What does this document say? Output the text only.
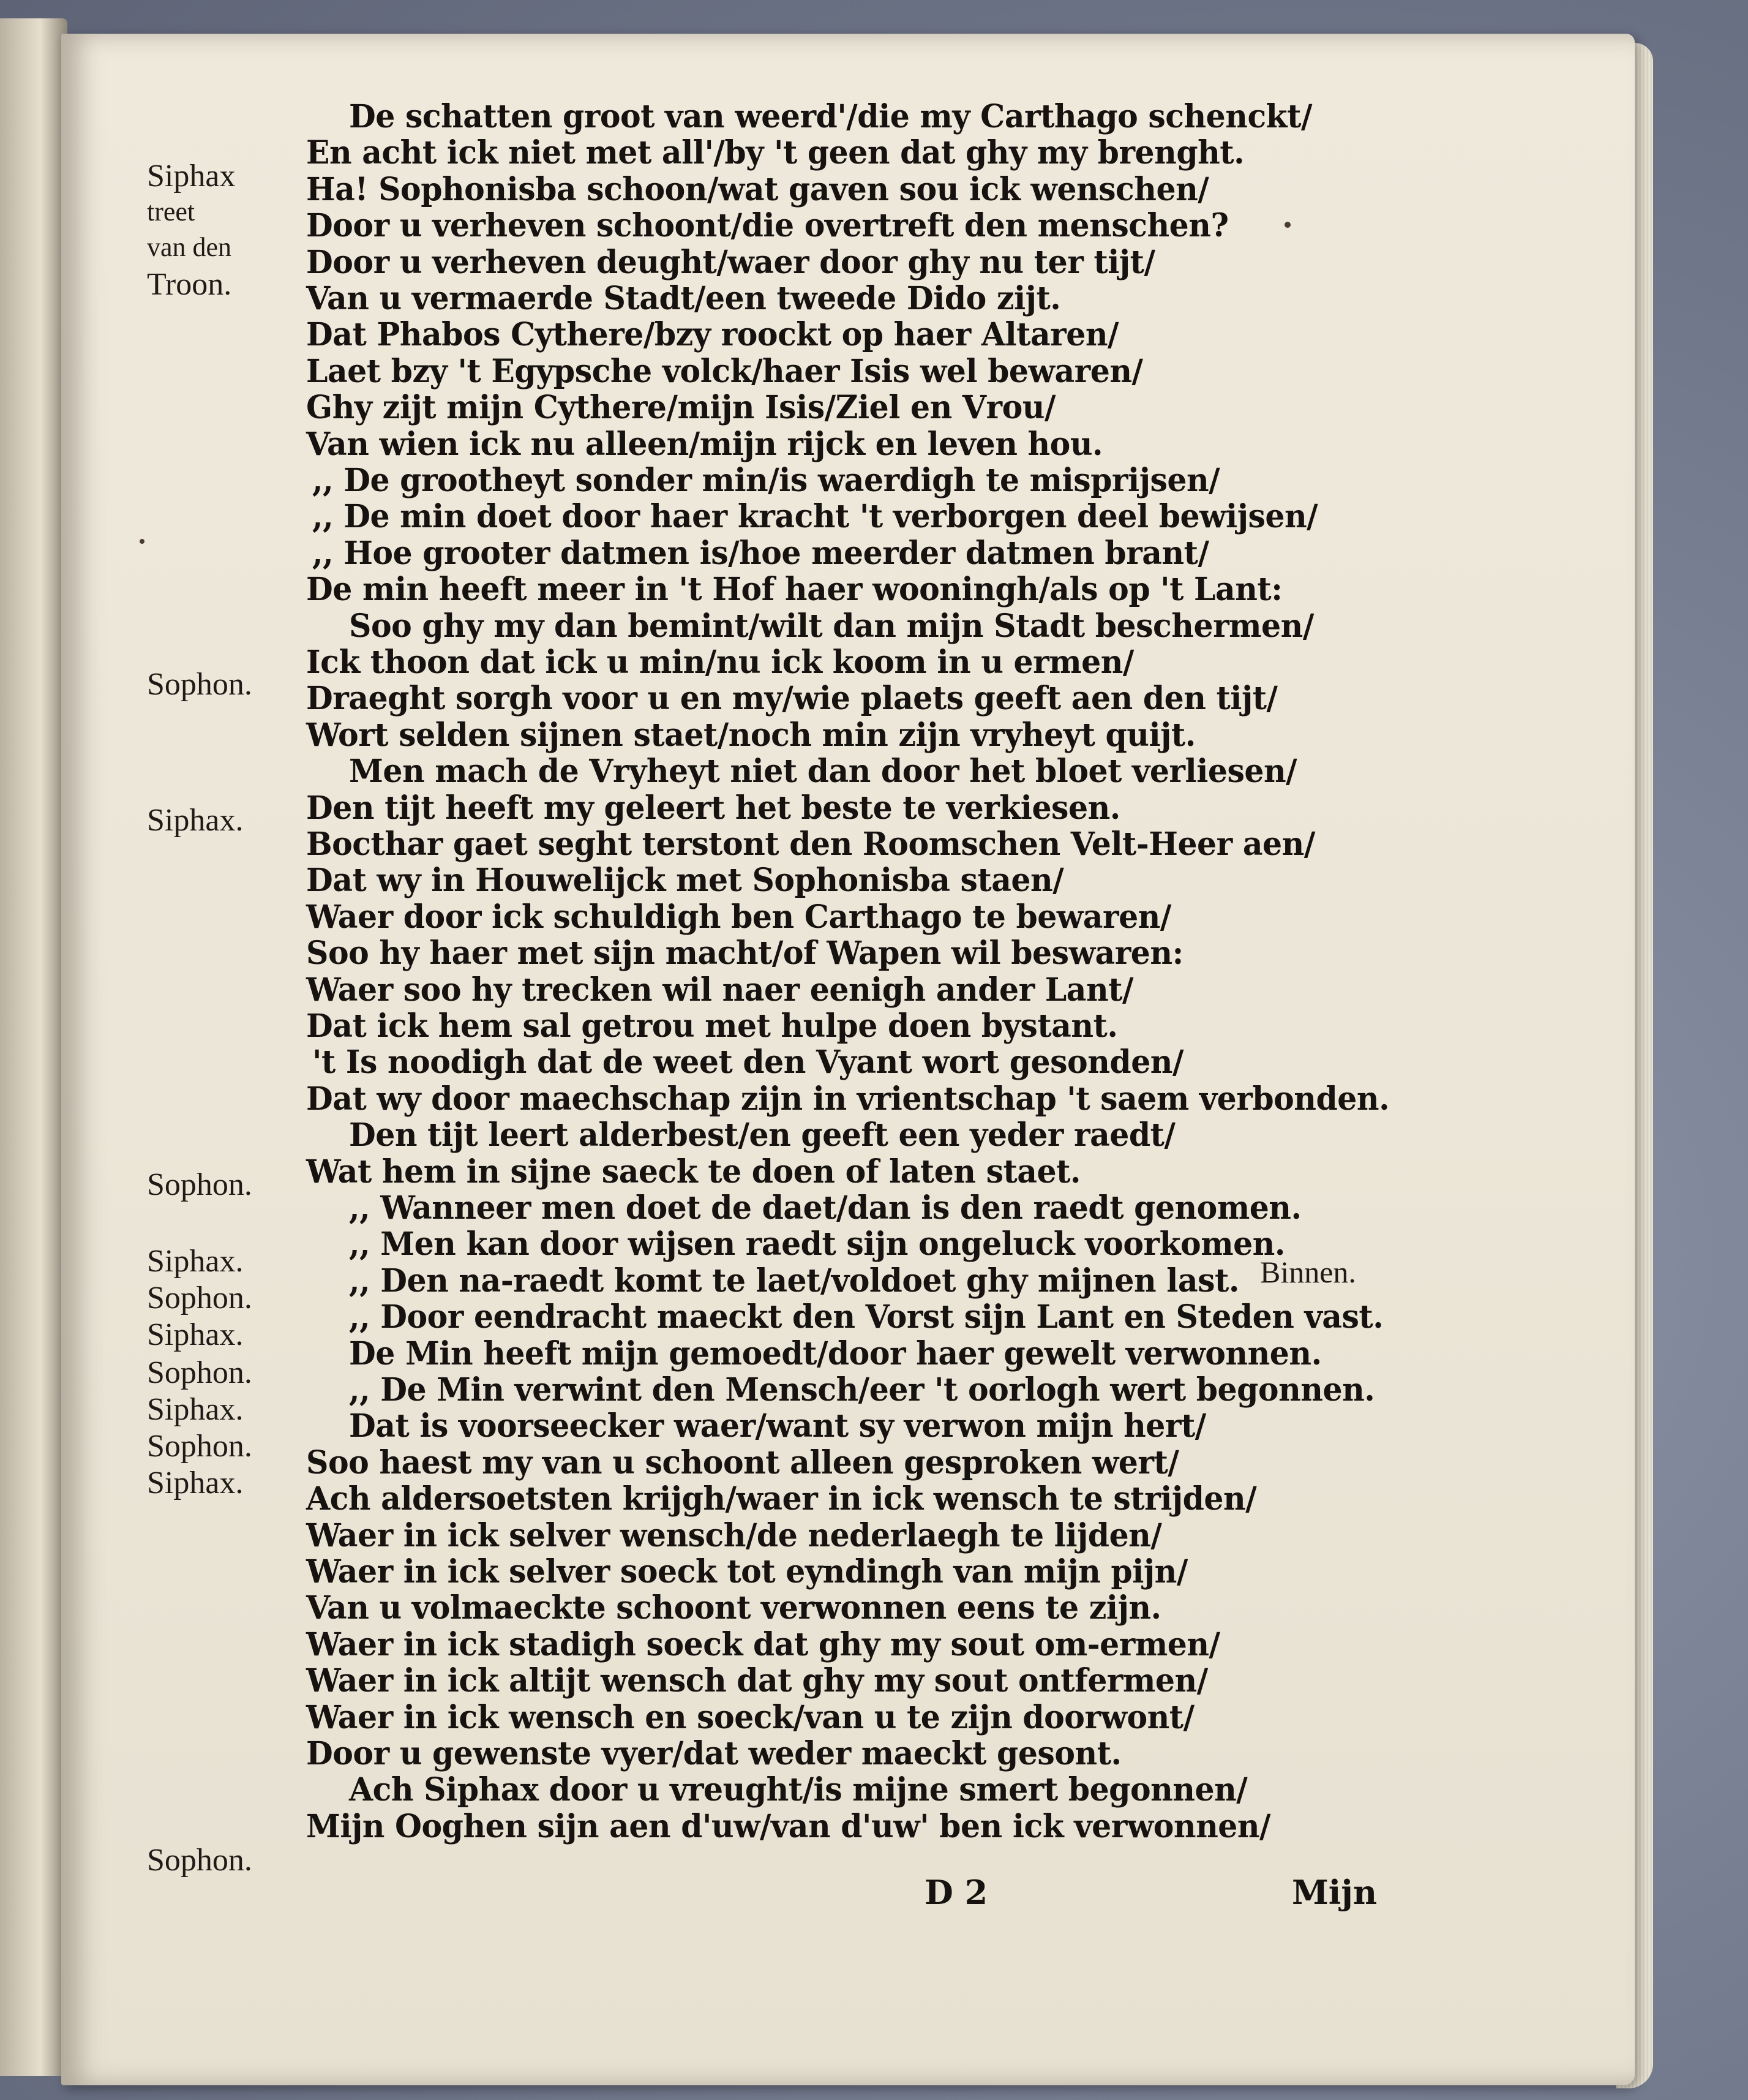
Siphax
treet
van den
Troon.
Sophon.
Siphax.
Sophon.
Siphax.
Sophon.
Siphax.
Sophon.
Siphax.
Sophon.
Siphax.
Sophon.
De schatten groot van weerd'/die my Carthago schenckt/
En acht ick niet met all'/by 't geen dat ghy my brenght.
Ha! Sophonisba schoon/wat gaven sou ick wenschen/
Door u verheven schoont/die overtreft den menschen?
Door u verheven deught/waer door ghy nu ter tijt/
Van u vermaerde Stadt/een tweede Dido zijt.
Dat Phabos Cythere/bzy roockt op haer Altaren/
Laet bzy 't Egypsche volck/haer Isis wel bewaren/
Ghy zijt mijn Cythere/mijn Isis/Ziel en Vrou/
Van wien ick nu alleen/mijn rijck en leven hou.
,, De grootheyt sonder min/is waerdigh te misprijsen/
,, De min doet door haer kracht 't verborgen deel bewijsen/
,, Hoe grooter datmen is/hoe meerder datmen brant/
De min heeft meer in 't Hof haer wooningh/als op 't Lant:
Soo ghy my dan bemint/wilt dan mijn Stadt beschermen/
Ick thoon dat ick u min/nu ick koom in u ermen/
Draeght sorgh voor u en my/wie plaets geeft aen den tijt/
Wort selden sijnen staet/noch min zijn vryheyt quijt.
Men mach de Vryheyt niet dan door het bloet verliesen/
Den tijt heeft my geleert het beste te verkiesen.
Bocthar gaet seght terstont den Roomschen Velt-Heer aen/
Dat wy in Houwelijck met Sophonisba staen/
Waer door ick schuldigh ben Carthago te bewaren/
Soo hy haer met sijn macht/of Wapen wil beswaren:
Waer soo hy trecken wil naer eenigh ander Lant/
Dat ick hem sal getrou met hulpe doen bystant.
't Is noodigh dat de weet den Vyant wort gesonden/
Dat wy door maechschap zijn in vrientschap 't saem verbonden.
Den tijt leert alderbest/en geeft een yeder raedt/
Wat hem in sijne saeck te doen of laten staet.
,, Wanneer men doet de daet/dan is den raedt genomen.
,, Men kan door wijsen raedt sijn ongeluck voorkomen.
,, Den na-raedt komt te laet/voldoet ghy mijnen last.
,, Door eendracht maeckt den Vorst sijn Lant en Steden vast.
De Min heeft mijn gemoedt/door haer gewelt verwonnen.
,, De Min verwint den Mensch/eer 't oorlogh wert begonnen.
Dat is voorseecker waer/want sy verwon mijn hert/
Soo haest my van u schoont alleen gesproken wert/
Ach aldersoetsten krijgh/waer in ick wensch te strijden/
Waer in ick selver wensch/de nederlaegh te lijden/
Waer in ick selver soeck tot eyndingh van mijn pijn/
Van u volmaeckte schoont verwonnen eens te zijn.
Waer in ick stadigh soeck dat ghy my sout om-ermen/
Waer in ick altijt wensch dat ghy my sout ontfermen/
Waer in ick wensch en soeck/van u te zijn doorwont/
Door u gewenste vyer/dat weder maeckt gesont.
Ach Siphax door u vreught/is mijne smert begonnen/
Mijn Ooghen sijn aen d'uw/van d'uw' ben ick verwonnen/
Binnen.
D 2	Mijn
